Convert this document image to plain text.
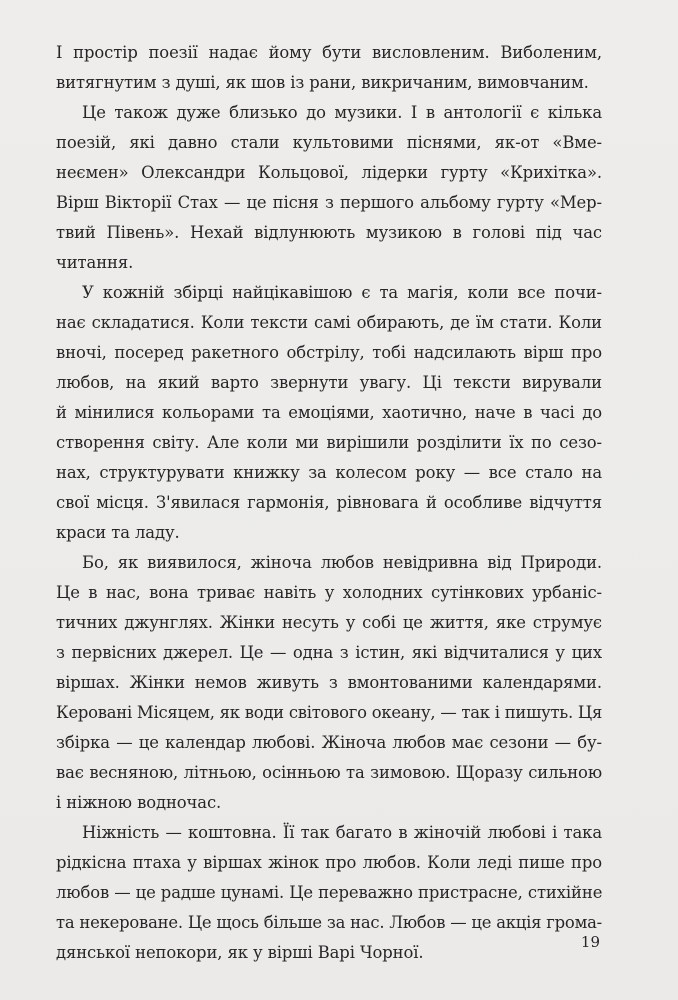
І простір поезії надає йому бути висловленим. Виболеним,
витягнутим з душі, як шов із рани, викричаним, вимовчаним.
Це також дуже близько до музики. І в антології є кілька
поезій, які давно стали культовими піснями, як-от «Вме-
неємен» Олександри Кольцової, лідерки гурту «Крихітка».
Вірш Вікторії Стах — це пісня з першого альбому гурту «Мер-
твий Півень». Нехай відлунюють музикою в голові під час
читання.
У кожній збірці найцікавішою є та магія, коли все почи-
нає складатися. Коли тексти самі обирають, де їм стати. Коли
вночі, посеред ракетного обстрілу, тобі надсилають вірш про
любов, на який варто звернути увагу. Ці тексти вирували
й мінилися кольорами та емоціями, хаотично, наче в часі до
створення світу. Але коли ми вирішили розділити їх по сезо-
нах, структурувати книжку за колесом року — все стало на
свої місця. З'явилася гармонія, рівновага й особливе відчуття
краси та ладу.
Бо, як виявилося, жіноча любов невідривна від Природи.
Це в нас, вона триває навіть у холодних сутінкових урбаніс-
тичних джунглях. Жінки несуть у собі це життя, яке струмує
з первісних джерел. Це — одна з істин, які відчиталися у цих
віршах. Жінки немов живуть з вмонтованими календарями.
Керовані Місяцем, як води світового океану, — так і пишуть. Ця
збірка — це календар любові. Жіноча любов має сезони — бу-
ває весняною, літньою, осінньою та зимовою. Щоразу сильною
і ніжною водночас.
Ніжність — коштовна. Її так багато в жіночій любові і така
рідкісна птаха у віршах жінок про любов. Коли леді пише про
любов — це радше цунамі. Це переважно пристрасне, стихійне
та некероване. Це щось більше за нас. Любов — це акція грома-
дянської непокори, як у вірші Варі Чорної.
19
